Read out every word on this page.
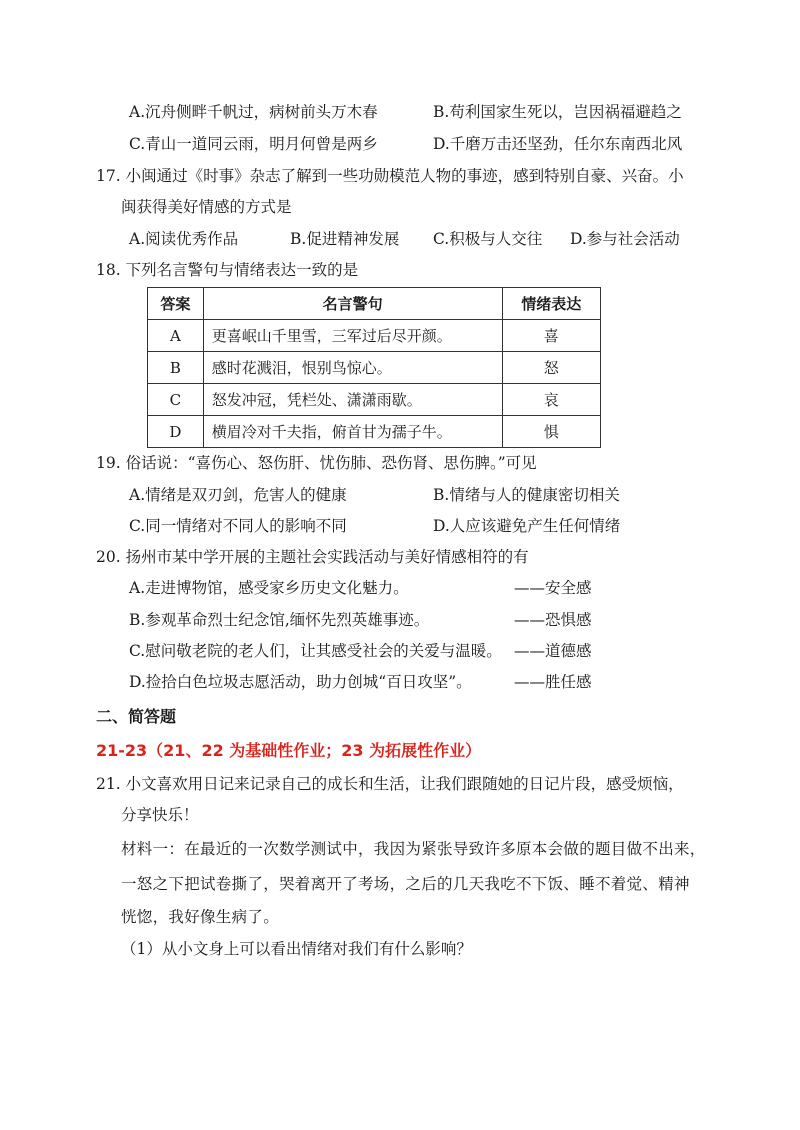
A.沉舟侧畔千帆过，病树前头万木春	B.苟利国家生死以，岂因祸福避趋之
C.青山一道同云雨，明月何曾是两乡	D.千磨万击还坚劲，任尔东南西北风
17. 小闽通过《时事》杂志了解到一些功勋模范人物的事迹，感到特别自豪、兴奋。小
闽获得美好情感的方式是
A.阅读优秀作品	B.促进精神发展 C.积极与人交往 D.参与社会活动
18. 下列名言警句与情绪表达一致的是
答案	名言警句	情绪表达
A	更喜岷山千里雪，三军过后尽开颜。	喜
B	感时花溅泪，恨别鸟惊心。	怒
C	怒发冲冠，凭栏处、潇潇雨歇。	哀
D	横眉冷对千夫指，俯首甘为孺子牛。	惧
19. 俗话说：“喜伤心、怒伤肝、忧伤肺、恐伤肾、思伤脾。”可见
A.情绪是双刃剑，危害人的健康	B.情绪与人的健康密切相关
C.同一情绪对不同人的影响不同	D.人应该避免产生任何情绪
20. 扬州市某中学开展的主题社会实践活动与美好情感相符的有
A.走进博物馆，感受家乡历史文化魅力。	——安全感
B.参观革命烈士纪念馆,缅怀先烈英雄事迹。	——恐惧感
C.慰问敬老院的老人们，让其感受社会的关爱与温暖。 ——道德感
D.捡拾白色垃圾志愿活动，助力创城“百日攻坚”。	——胜任感
二、简答题
21-23（21、22 为基础性作业；23 为拓展性作业）
21. 小文喜欢用日记来记录自己的成长和生活，让我们跟随她的日记片段，感受烦恼，
分享快乐！
材料一：在最近的一次数学测试中，我因为紧张导致许多原本会做的题目做不出来，
一怒之下把试卷撕了，哭着离开了考场，之后的几天我吃不下饭、睡不着觉、精神
恍惚，我好像生病了。
（1）从小文身上可以看出情绪对我们有什么影响？
